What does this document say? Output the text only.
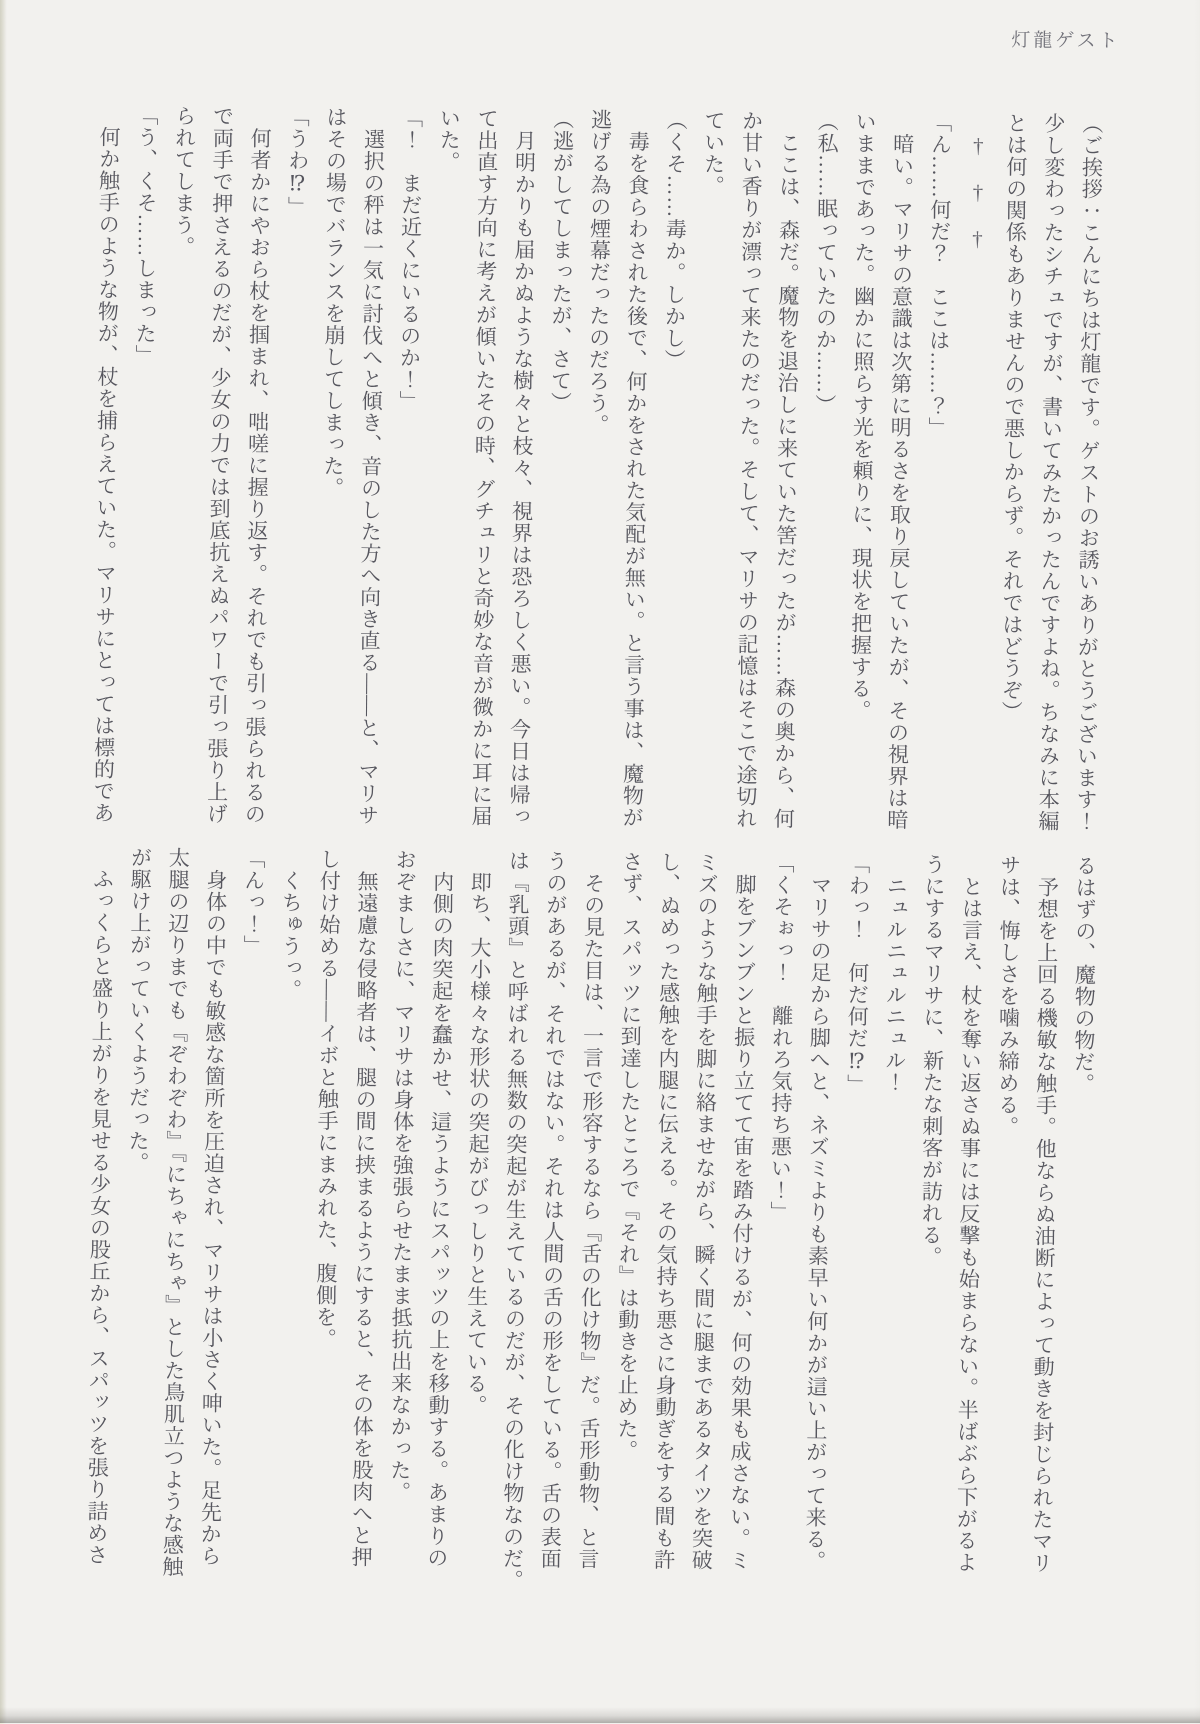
灯龍ゲスト
（ご挨拶：こんにちは灯龍です。ゲストのお誘いありがとうございます！
少し変わったシチュですが、書いてみたかったんですよね。ちなみに本編
とは何の関係もありませんので悪しからず。それではどうぞ）
　†　†　†
「ん……何だ？　ここは……？」
　暗い。マリサの意識は次第に明るさを取り戻していたが、その視界は暗
いままであった。幽かに照らす光を頼りに、現状を把握する。
（私……眠っていたのか……）
　ここは、森だ。魔物を退治しに来ていた筈だったが……森の奥から、何
か甘い香りが漂って来たのだった。そして、マリサの記憶はそこで途切れ
ていた。
（くそ……毒か。しかし）
　毒を食らわされた後で、何かをされた気配が無い。と言う事は、魔物が
逃げる為の煙幕だったのだろう。
（逃がしてしまったが、さて）
　月明かりも届かぬような樹々と枝々、視界は恐ろしく悪い。今日は帰っ
て出直す方向に考えが傾いたその時、グチュリと奇妙な音が微かに耳に届
いた。
「！　まだ近くにいるのか！」
　選択の秤は一気に討伐へと傾き、音のした方へ向き直る——と、マリサ
はその場でバランスを崩してしまった。
「うわ⁉」
　何者かにやおら杖を掴まれ、咄嗟に握り返す。それでも引っ張られるの
で両手で押さえるのだが、少女の力では到底抗えぬパワーで引っ張り上げ
られてしまう。
「う、くそ……しまった」
　何か触手のような物が、杖を捕らえていた。マリサにとっては標的であ
るはずの、魔物の物だ。
　予想を上回る機敏な触手。他ならぬ油断によって動きを封じられたマリ
サは、悔しさを噛み締める。
　とは言え、杖を奪い返さぬ事には反撃も始まらない。半ばぶら下がるよ
うにするマリサに、新たな刺客が訪れる。
　ニュルニュルニュル！
「わっ！　何だ何だ⁉」
　マリサの足から脚へと、ネズミよりも素早い何かが這い上がって来る。
「くそぉっ！　離れろ気持ち悪い！」
　脚をブンブンと振り立てて宙を踏み付けるが、何の効果も成さない。ミ
ミズのような触手を脚に絡ませながら、瞬く間に腿まであるタイツを突破
し、ぬめった感触を内腿に伝える。その気持ち悪さに身動ぎをする間も許
さず、スパッツに到達したところで『それ』は動きを止めた。
　その見た目は、一言で形容するなら『舌の化け物』だ。舌形動物、と言
うのがあるが、それではない。それは人間の舌の形をしている。舌の表面
は『乳頭』と呼ばれる無数の突起が生えているのだが、その化け物なのだ。
　即ち、大小様々な形状の突起がびっしりと生えている。
　内側の肉突起を蠢かせ、這うようにスパッツの上を移動する。あまりの
おぞましさに、マリサは身体を強張らせたまま抵抗出来なかった。
　無遠慮な侵略者は、腿の間に挟まるようにすると、その体を股肉へと押
し付け始める——イボと触手にまみれた、腹側を。
　くちゅうっ。
「んっ！」
　身体の中でも敏感な箇所を圧迫され、マリサは小さく呻いた。足先から
太腿の辺りまでも『ぞわぞわ』『にちゃにちゃ』とした鳥肌立つような感触
が駆け上がっていくようだった。
　ふっくらと盛り上がりを見せる少女の股丘から、スパッツを張り詰めさ
